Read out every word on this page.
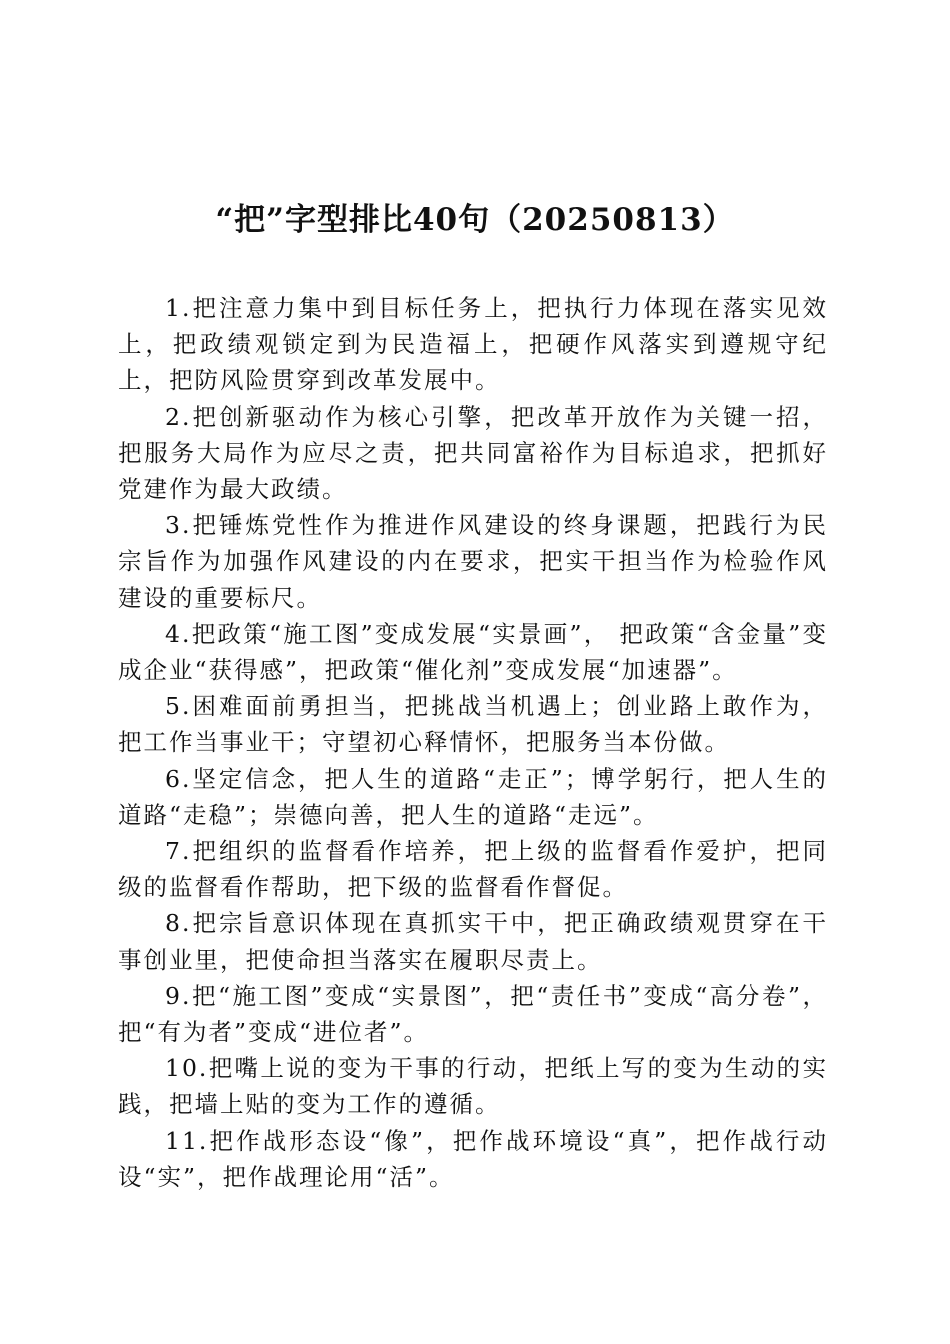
“把”字型排比40句（20250813）

1.把注意力集中到目标任务上，把执行力体现在落实见效上，把政绩观锁定到为民造福上，把硬作风落实到遵规守纪上，把防风险贯穿到改革发展中。

2.把创新驱动作为核心引擎，把改革开放作为关键一招，把服务大局作为应尽之责，把共同富裕作为目标追求，把抓好党建作为最大政绩。

3.把锤炼党性作为推进作风建设的终身课题，把践行为民宗旨作为加强作风建设的内在要求，把实干担当作为检验作风建设的重要标尺。

4.把政策“施工图”变成发展“实景画”， 把政策“含金量”变成企业“获得感”，把政策“催化剂”变成发展“加速器”。

5.困难面前勇担当，把挑战当机遇上；创业路上敢作为，把工作当事业干；守望初心释情怀，把服务当本份做。

6.坚定信念，把人生的道路“走正”；博学躬行，把人生的道路“走稳”；崇德向善，把人生的道路“走远”。

7.把组织的监督看作培养，把上级的监督看作爱护，把同级的监督看作帮助，把下级的监督看作督促。

8.把宗旨意识体现在真抓实干中，把正确政绩观贯穿在干事创业里，把使命担当落实在履职尽责上。

9.把“施工图”变成“实景图”，把“责任书”变成“高分卷”，把“有为者”变成“进位者”。

10.把嘴上说的变为干事的行动，把纸上写的变为生动的实践，把墙上贴的变为工作的遵循。

11.把作战形态设“像”，把作战环境设“真”，把作战行动设“实”，把作战理论用“活”。
